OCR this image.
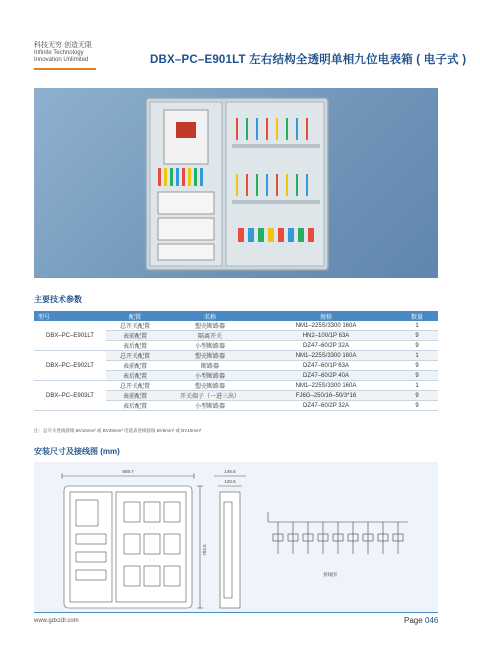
科技无穷 创造无限
Infinite Technology
Innovation Unlimited	DBX–PC–E901LT 左右结构全透明单相九位电表箱 ( 电子式 )
主要技术参数
型号	配置	名称	规格	数量
DBX–PC–E901LT	总开关配置	塑壳断路器	NM1–225S/3300 160A	1
	表前配置	隔离开关	HN2–100/1P 63A	9
	表后配置	小型断路器	DZ47–60/2P 32A	9
DBX–PC–E902LT	总开关配置	塑壳断路器	NM1–225S/3300 160A	1
	表前配置	断路器	DZ47–60/1P 63A	9
	表后配置	小型断路器	DZ47–60/2P 40A	9
DBX–PC–E903LT	总开关配置	塑壳断路器	NM1–225S/3300 160A	1
	表前配置	开关端子（一进三出）	FJ6G–250/16–50/3*16	9
	表后配置	小型断路器	DZ47–60/2P 32A	9
注：总开关进线接线 BV16mm² 或 BV25mm² 电能表进线接线 BV6mm² 或 BV10mm²
安装尺寸及接线图 (mm)
869.7
782.5
146.6
120.5
接线图
www.gdxzdl.com	Page 046
